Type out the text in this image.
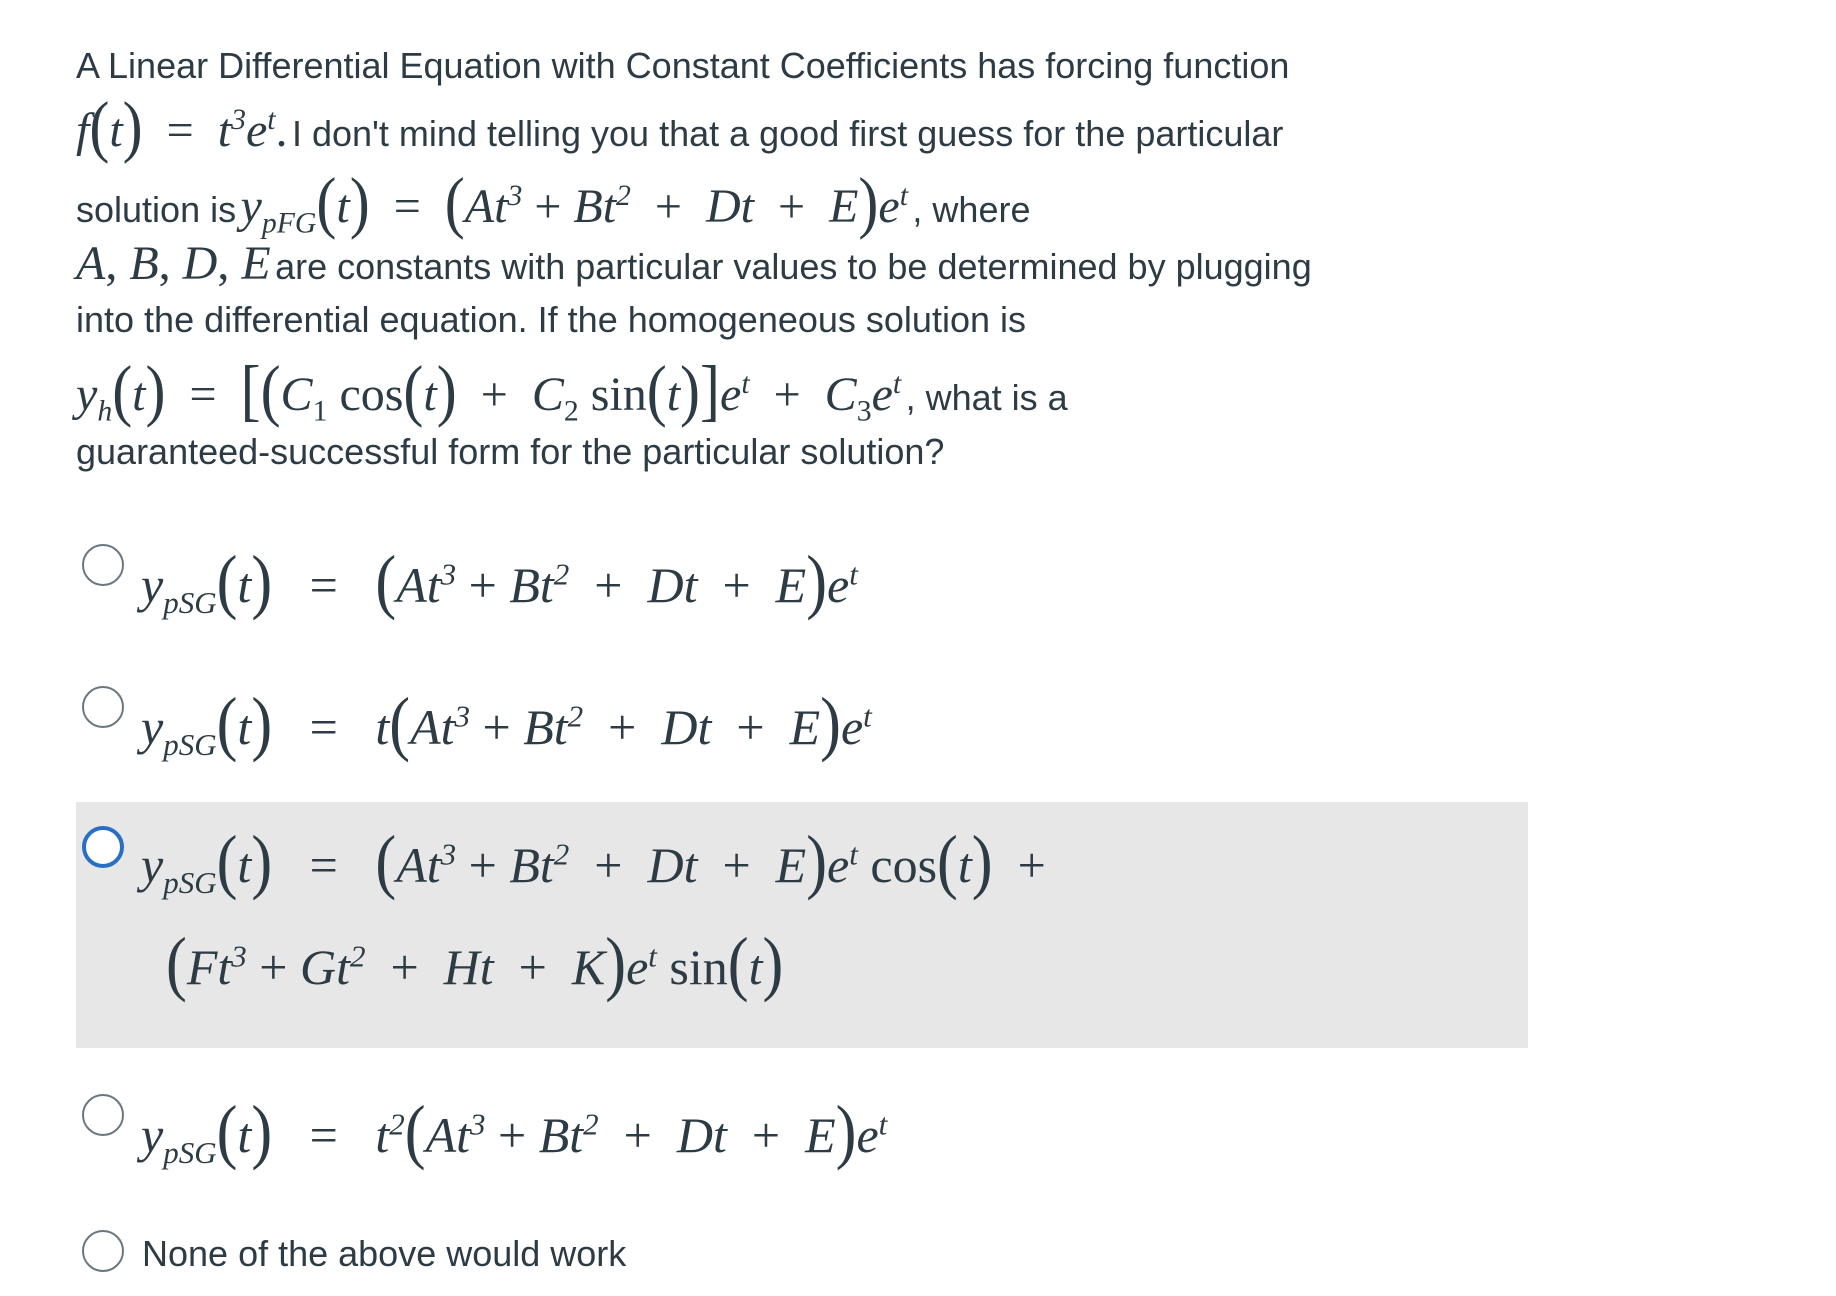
A Linear Differential Equation with Constant Coefficients has forcing function
$f(t) = t^3e^t$. I don't mind telling you that a good first guess for the particular
solution is $y_{pFG}(t) = (At^3 + Bt^2 + Dt + E)e^t$ , where
A, B, D, E are constants with particular values to be determined by plugging
into the differential equation. If the homogeneous solution is
$y_h(t) = [(C_1$ $\cos(t) + C_2$ $\sin(t)]e^t + C_3e^t$ , what is a
guaranteed-successful form for the particular solution?
$y_{pSG}(t) = (At^3 + Bt^2 + Dt + E)e^t$
$y_{pSG}(t) = t(At^3 + Bt^2 + Dt + E)e^t$
$y_{pSG}(t) = (At^3 + Bt^2 + Dt + E)e^t$ cos(t)  +
$(Ft^3 + Gt^2 + Ht + K)e^t$ sin(t)
$y_{pSG}(t) = t^2(At^3 + Bt^2 + Dt + E)e^t$
None of the above would work
